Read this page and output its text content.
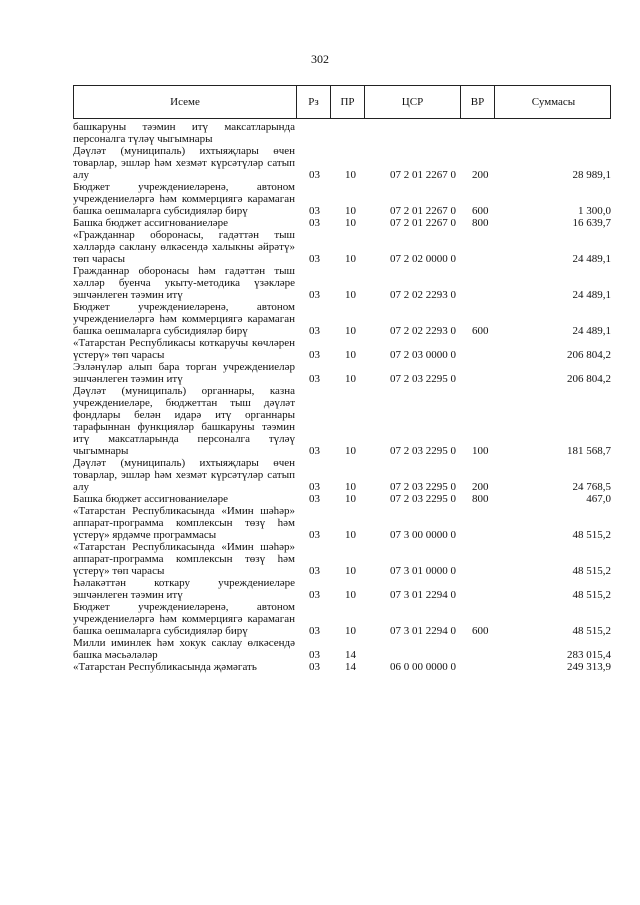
302
Исеме	Рз	ПР	ЦСР	ВР	Суммасы
башкаруны тәэмин итү максатларында персоналга түләү чыгымнары
Дәүләт (муниципаль) ихтыяҗлары өчен товарлар, эшләр һәм хезмәт күрсәтүләр сатып алу	03 10	07 2 01 2267 0 200	28 989,1
Бюджет учреждениеләренә, автоном учреждениеләргә һәм коммерциягә карамаган башка оешмаларга субсидияләр бирү	03 10	07 2 01 2267 0 600	1 300,0
Башка бюджет ассигнованиеләре	03 10	07 2 01 2267 0 800	16 639,7
«Гражданнар оборонасы, гадәттән тыш хәлләрдә саклану өлкәсендә халыкны әйрәтү» төп чарасы	03 10	07 2 02 0000 0	24 489,1
Гражданнар оборонасы һәм гадәттән тыш хәлләр буенча укыту-методика үзәкләре эшчәнлеген тәэмин итү	03 10	07 2 02 2293 0	24 489,1
Бюджет учреждениеләренә, автоном учреждениеләргә һәм коммерциягә карамаган башка оешмаларга субсидияләр бирү	03 10	07 2 02 2293 0 600	24 489,1
«Татарстан Республикасы коткаручы көчләрен үстерү» төп чарасы	03 10	07 2 03 0000 0	206 804,2
Эзләнүләр алып бара торган учреждениеләр эшчәнлеген тәэмин итү	03 10	07 2 03 2295 0	206 804,2
Дәүләт (муниципаль) органнары, казна учреждениеләре, бюджеттан тыш дәүләт фондлары белән идарә итү органнары тарафыннан функцияләр башкаруны тәэмин итү максатларында персоналга түләү чыгымнары	03 10	07 2 03 2295 0 100	181 568,7
Дәүләт (муниципаль) ихтыяҗлары өчен товарлар, эшләр һәм хезмәт күрсәтүләр сатып алу	03 10	07 2 03 2295 0 200	24 768,5
Башка бюджет ассигнованиеләре	03 10	07 2 03 2295 0 800	467,0
«Татарстан Республикасында «Имин шәһәр» аппарат-программа комплексын төзү һәм үстерү» ярдәмче программасы	03 10	07 3 00 0000 0	48 515,2
«Татарстан Республикасында «Имин шәһәр» аппарат-программа комплексын төзү һәм үстерү» төп чарасы	03 10	07 3 01 0000 0	48 515,2
Һәлакәттән коткару учреждениеләре эшчәнлеген тәэмин итү	03 10	07 3 01 2294 0	48 515,2
Бюджет учреждениеләренә, автоном учреждениеләргә һәм коммерциягә карамаган башка оешмаларга субсидияләр бирү	03 10	07 3 01 2294 0 600	48 515,2
Милли иминлек һәм хокук саклау өлкәсендә башка мәсьәләләр	03 14	283 015,4
«Татарстан Республикасында җәмәгать	03 14	06 0 00 0000 0	249 313,9
